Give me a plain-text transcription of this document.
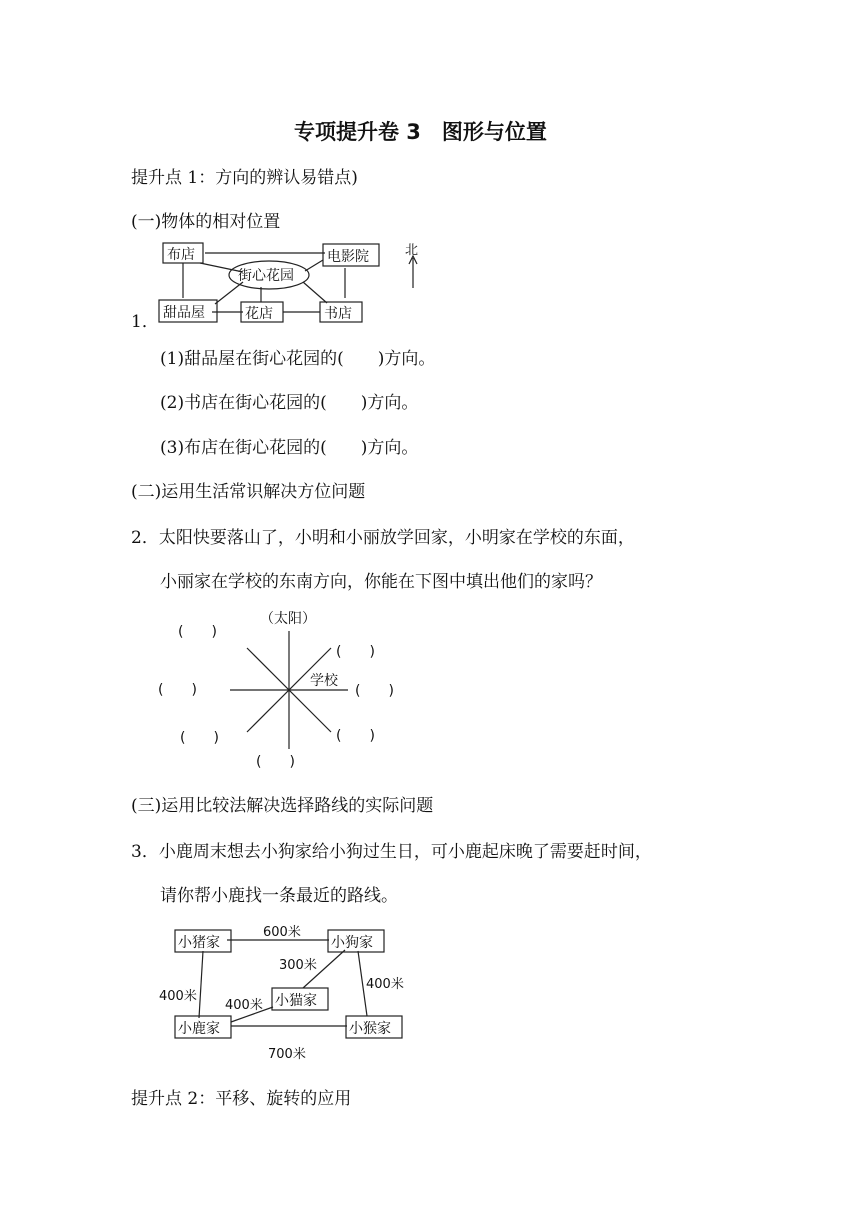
专项提升卷 3　图形与位置
提升点 1：方向的辨认易错点)
(一)物体的相对位置
布店	电影院
街心花园
甜品屋	花店	书店
北
1．
(1)甜品屋在街心花园的(　　)方向。
(2)书店在街心花园的(　　)方向。
(3)布店在街心花园的(　　)方向。
(二)运用生活常识解决方位问题
2．太阳快要落山了，小明和小丽放学回家，小明家在学校的东面，
小丽家在学校的东南方向，你能在下图中填出他们的家吗？
（太阳）
学校
(　　)
(　　)
(　　)	(　　)
(　　)	(　　)
(　　)
(三)运用比较法解决选择路线的实际问题
3．小鹿周末想去小狗家给小狗过生日，可小鹿起床晚了需要赶时间，
请你帮小鹿找一条最近的路线。
小猪家	小狗家
小猫家
小鹿家	小猴家
600米
300米
400米
400米
400米
700米
提升点 2：平移、旋转的应用
